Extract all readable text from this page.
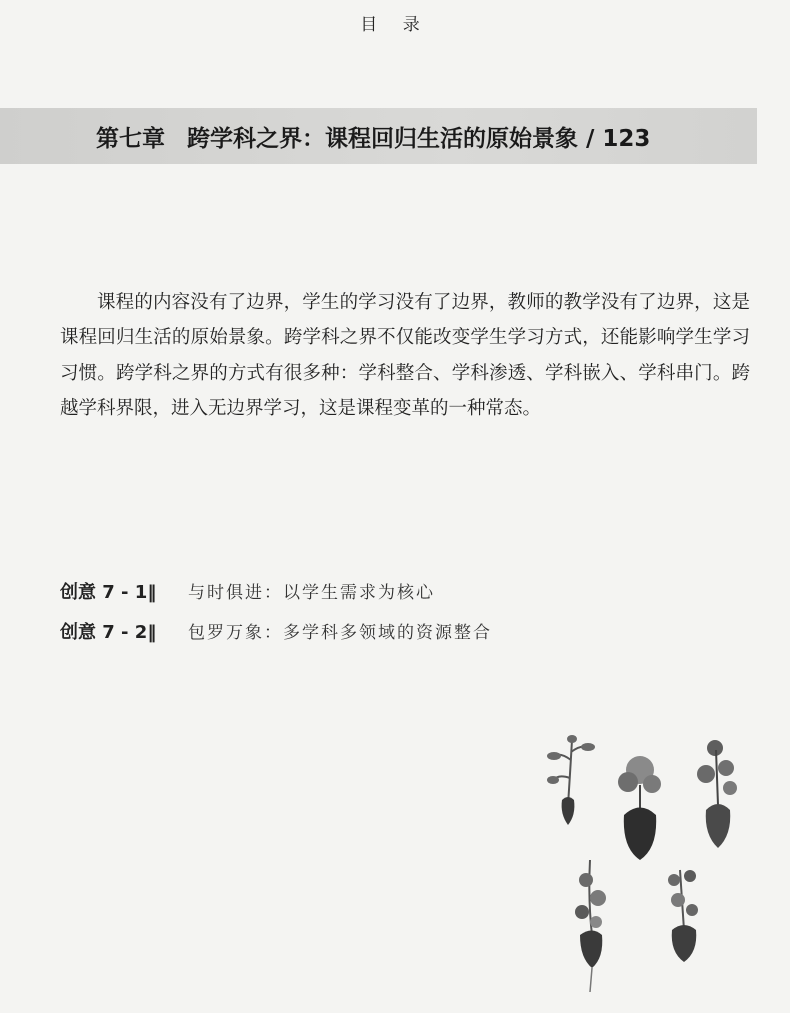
目 录
第七章 跨学科之界：课程回归生活的原始景象 / 123

课程的内容没有了边界，学生的学习没有了边界，教师的教学没有了边界，这是课程回归生活的原始景象。跨学科之界不仅能改变学生学习方式，还能影响学生学习习惯。跨学科之界的方式有很多种：学科整合、学科渗透、学科嵌入、学科串门。跨越学科界限，进入无边界学习，这是课程变革的一种常态。

创意 7 - 1‖ 与时俱进：以学生需求为核心
创意 7 - 2‖ 包罗万象：多学科多领域的资源整合
